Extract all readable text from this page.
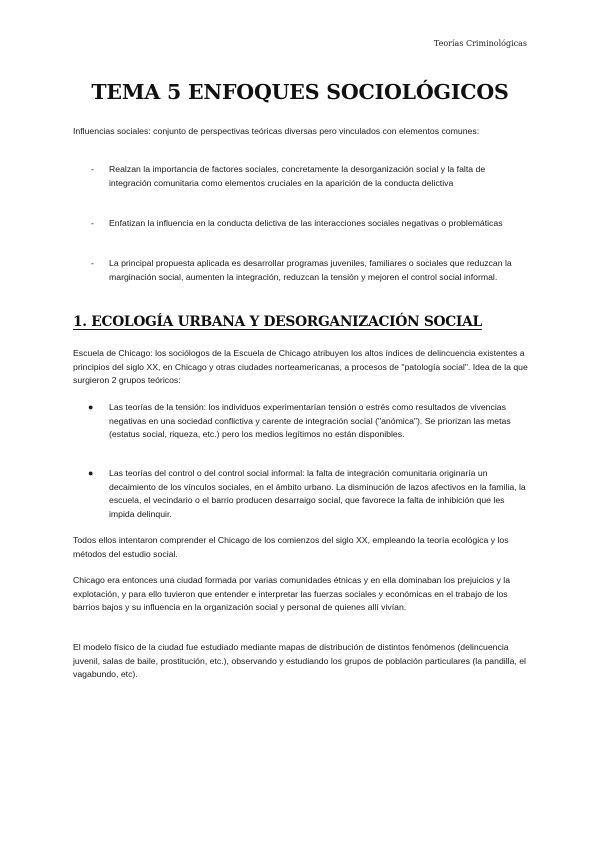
Teorías Criminológicas
TEMA 5 ENFOQUES SOCIOLÓGICOS

Influencias sociales: conjunto de perspectivas teóricas diversas pero vinculados con elementos comunes:

- Realzan la importancia de factores sociales, concretamente la desorganización social y la falta de integración comunitaria como elementos cruciales en la aparición de la conducta delictiva

- Enfatizan la influencia en la conducta delictiva de las interacciones sociales negativas o problemáticas

- La principal propuesta aplicada es desarrollar programas juveniles, familiares o sociales que reduzcan la marginación social, aumenten la integración, reduzcan la tensión y mejoren el control social informal.

1. ECOLOGÍA URBANA Y DESORGANIZACIÓN SOCIAL

Escuela de Chicago: los sociólogos de la Escuela de Chicago atribuyen los altos índices de delincuencia existentes a principios del siglo XX, en Chicago y otras ciudades norteamericanas, a procesos de "patología social". Idea de la que surgieron 2 grupos teóricos:

● Las teorías de la tensión: los individuos experimentarían tensión o estrés como resultados de vivencias negativas en una sociedad conflictiva y carente de integración social ("anómica"). Se priorizan las metas (estatus social, riqueza, etc.) pero los medios legítimos no están disponibles.

● Las teorías del control o del control social informal: la falta de integración comunitaria originaría un decaimiento de los vínculos sociales, en el ámbito urbano. La disminución de lazos afectivos en la familia, la escuela, el vecindario o el barrio producen desarraigo social, que favorece la falta de inhibición que les impida delinquir.

Todos ellos intentaron comprender el Chicago de los comienzos del siglo XX, empleando la teoría ecológica y los métodos del estudio social.

Chicago era entonces una ciudad formada por varias comunidades étnicas y en ella dominaban los prejuicios y la explotación, y para ello tuvieron que entender e interpretar las fuerzas sociales y económicas en el trabajo de los barrios bajos y su influencia en la organización social y personal de quienes allí vivían.

El modelo físico de la ciudad fue estudiado mediante mapas de distribución de distintos fenómenos (delincuencia juvenil, salas de baile, prostitución, etc.), observando y estudiando los grupos de población particulares (la pandilla, el vagabundo, etc).
